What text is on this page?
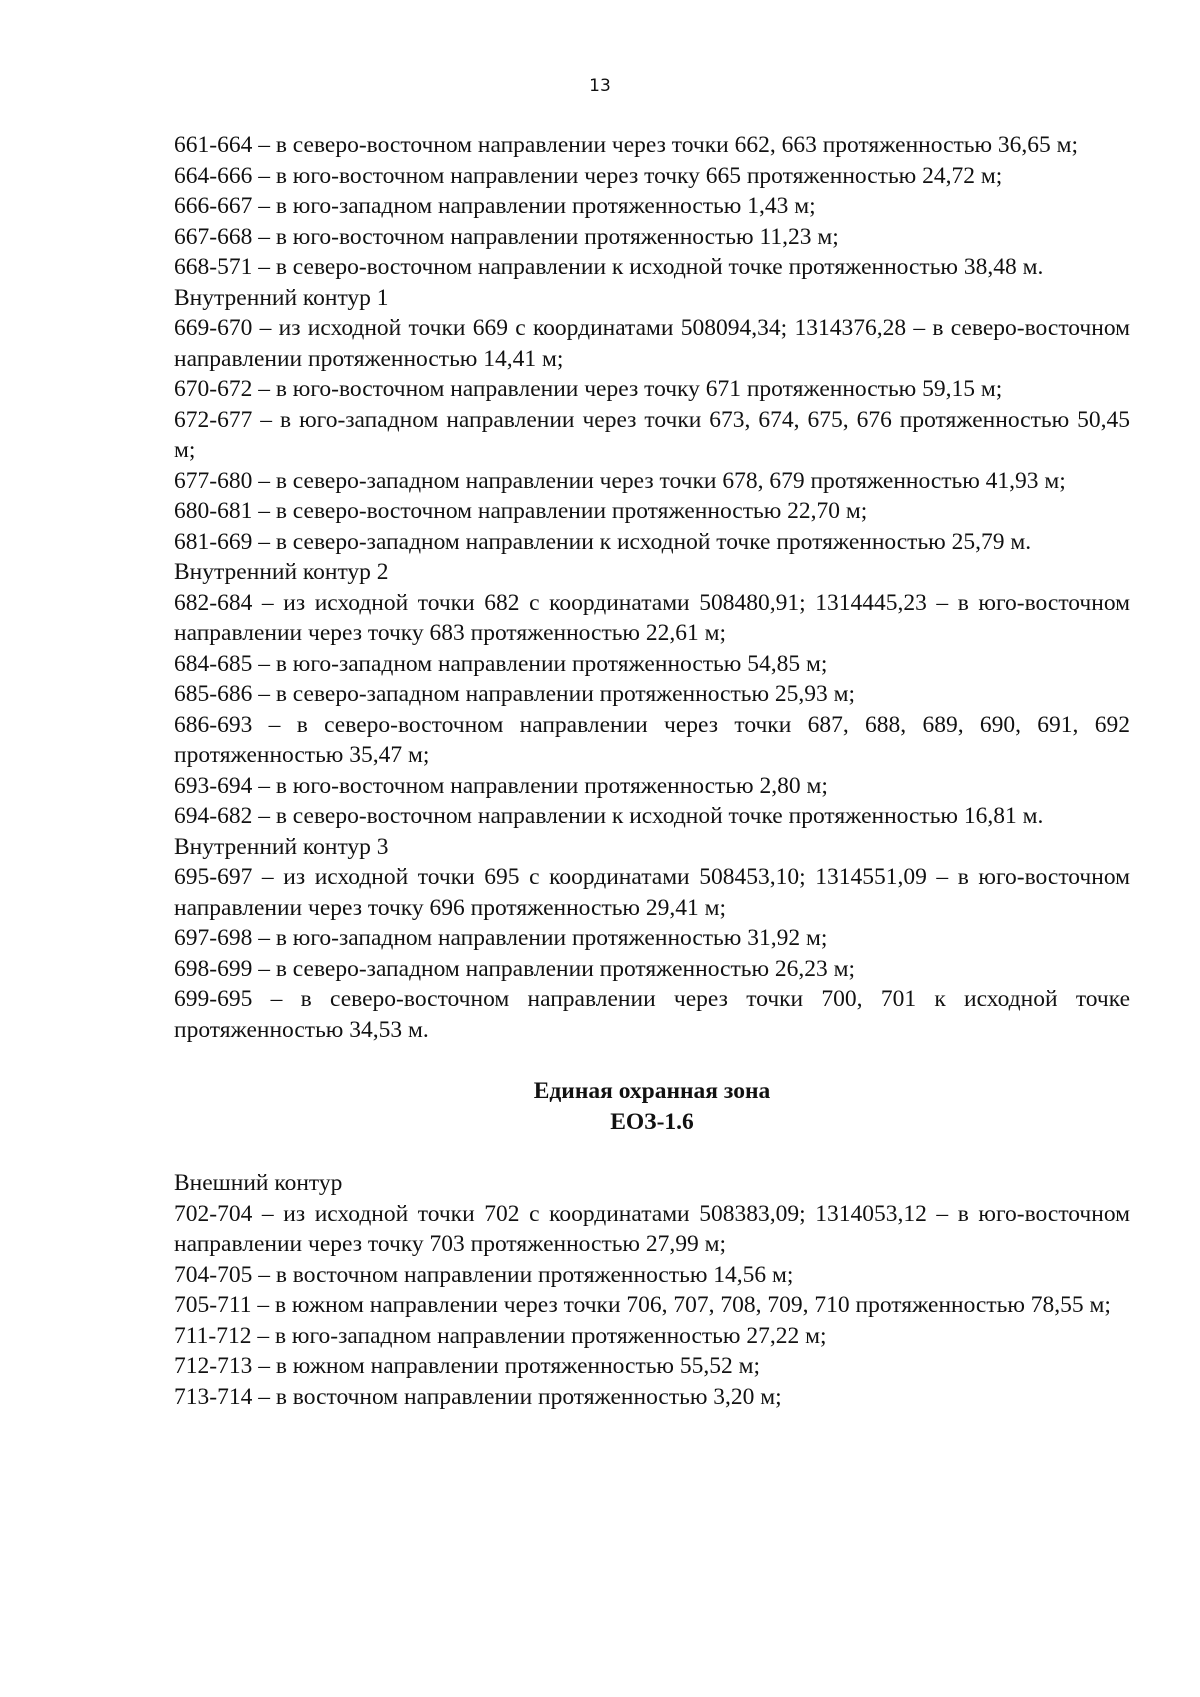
13

661-664 – в северо-восточном направлении через точки 662, 663 протяженностью 36,65 м;

664-666 – в юго-восточном направлении через точку 665 протяженностью 24,72 м;

666-667 – в юго-западном направлении протяженностью 1,43 м;

667-668 – в юго-восточном направлении протяженностью 11,23 м;

668-571 – в северо-восточном направлении к исходной точке протяженностью 38,48 м.

Внутренний контур 1

669-670 – из исходной точки 669 с координатами 508094,34; 1314376,28 – в северо-восточном направлении протяженностью 14,41 м;

670-672 – в юго-восточном направлении через точку 671 протяженностью 59,15 м;

672-677 – в юго-западном направлении через точки 673, 674, 675, 676 протяженностью 50,45 м;

677-680 – в северо-западном направлении через точки 678, 679 протяженностью 41,93 м;

680-681 – в северо-восточном направлении протяженностью 22,70 м;

681-669 – в северо-западном направлении к исходной точке протяженностью 25,79 м.

Внутренний контур 2

682-684 – из исходной точки 682 с координатами 508480,91; 1314445,23 – в юго-восточном направлении через точку 683 протяженностью 22,61 м;

684-685 – в юго-западном направлении протяженностью 54,85 м;

685-686 – в северо-западном направлении протяженностью 25,93 м;

686-693 – в северо-восточном направлении через точки 687, 688, 689, 690, 691, 692 протяженностью 35,47 м;

693-694 – в юго-восточном направлении протяженностью 2,80 м;

694-682 – в северо-восточном направлении к исходной точке протяженностью 16,81 м.

Внутренний контур 3

695-697 – из исходной точки 695 с координатами 508453,10; 1314551,09 – в юго-восточном направлении через точку 696 протяженностью 29,41 м;

697-698 – в юго-западном направлении протяженностью 31,92 м;

698-699 – в северо-западном направлении протяженностью 26,23 м;

699-695 – в северо-восточном направлении через точки 700, 701 к исходной точке протяженностью 34,53 м.

Единая охранная зона

ЕОЗ-1.6

Внешний контур

702-704 – из исходной точки 702 с координатами 508383,09; 1314053,12 – в юго-восточном направлении через точку 703 протяженностью 27,99 м;

704-705 – в восточном направлении протяженностью 14,56 м;

705-711 – в южном направлении через точки 706, 707, 708, 709, 710 протяженностью 78,55 м;

711-712 – в юго-западном направлении протяженностью 27,22 м;

712-713 – в южном направлении протяженностью 55,52 м;

713-714 – в восточном направлении протяженностью 3,20 м;
